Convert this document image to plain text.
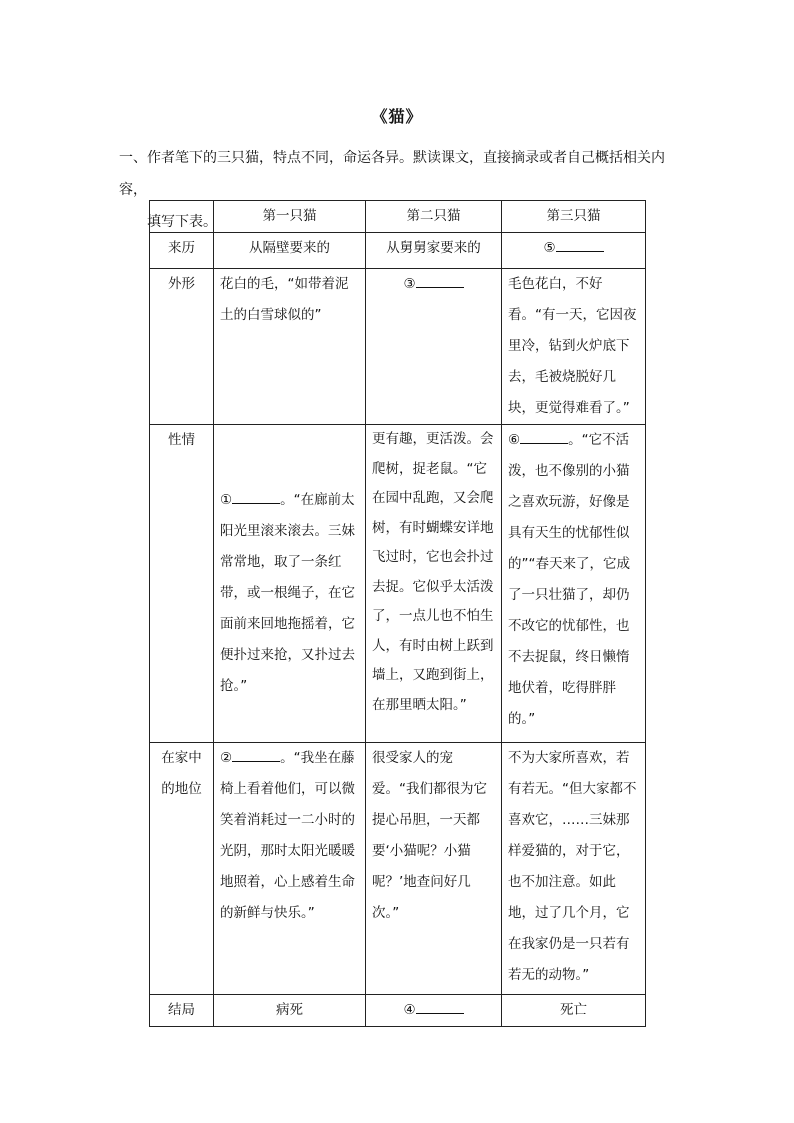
《猫》
一、作者笔下的三只猫，特点不同，命运各异。默读课文，直接摘录或者自己概括相关内容，
填写下表。
		第一只猫	第二只猫	第三只猫
来历	从隔壁要来的	从舅舅家要来的	⑤
外形	花白的毛，“如带着泥土的白雪球似的”	③	毛色花白，不好看。“有一天，它因夜里冷，钻到火炉底下去，毛被烧脱好几块，更觉得难看了。”
性情	① 。“在廊前太阳光里滚来滚去。三妹常常地，取了一条红带，或一根绳子，在它面前来回地拖摇着，它便扑过来抢，又扑过去抢。”	更有趣，更活泼。会爬树，捉老鼠。“它在园中乱跑，又会爬树，有时蝴蝶安详地飞过时，它也会扑过去捉。它似乎太活泼了，一点儿也不怕生人，有时由树上跃到墙上，又跑到街上，在那里晒太阳。”	⑥ 。“它不活泼，也不像别的小猫之喜欢玩游，好像是具有天生的忧郁性似的”“春天来了，它成了一只壮猫了，却仍不改它的忧郁性，也不去捉鼠，终日懒惰地伏着，吃得胖胖的。”
在家中的地位	② 。“我坐在藤椅上看着他们，可以微笑着消耗过一二小时的光阴，那时太阳光暖暖地照着，心上感着生命的新鲜与快乐。”	很受家人的宠爱。“我们都很为它提心吊胆，一天都要‘小猫呢？小猫呢？’地查问好几次。”	不为大家所喜欢，若有若无。“但大家都不喜欢它，……三妹那样爱猫的，对于它，也不加注意。如此地，过了几个月，它在我家仍是一只若有若无的动物。”
结局	病死	④	死亡
